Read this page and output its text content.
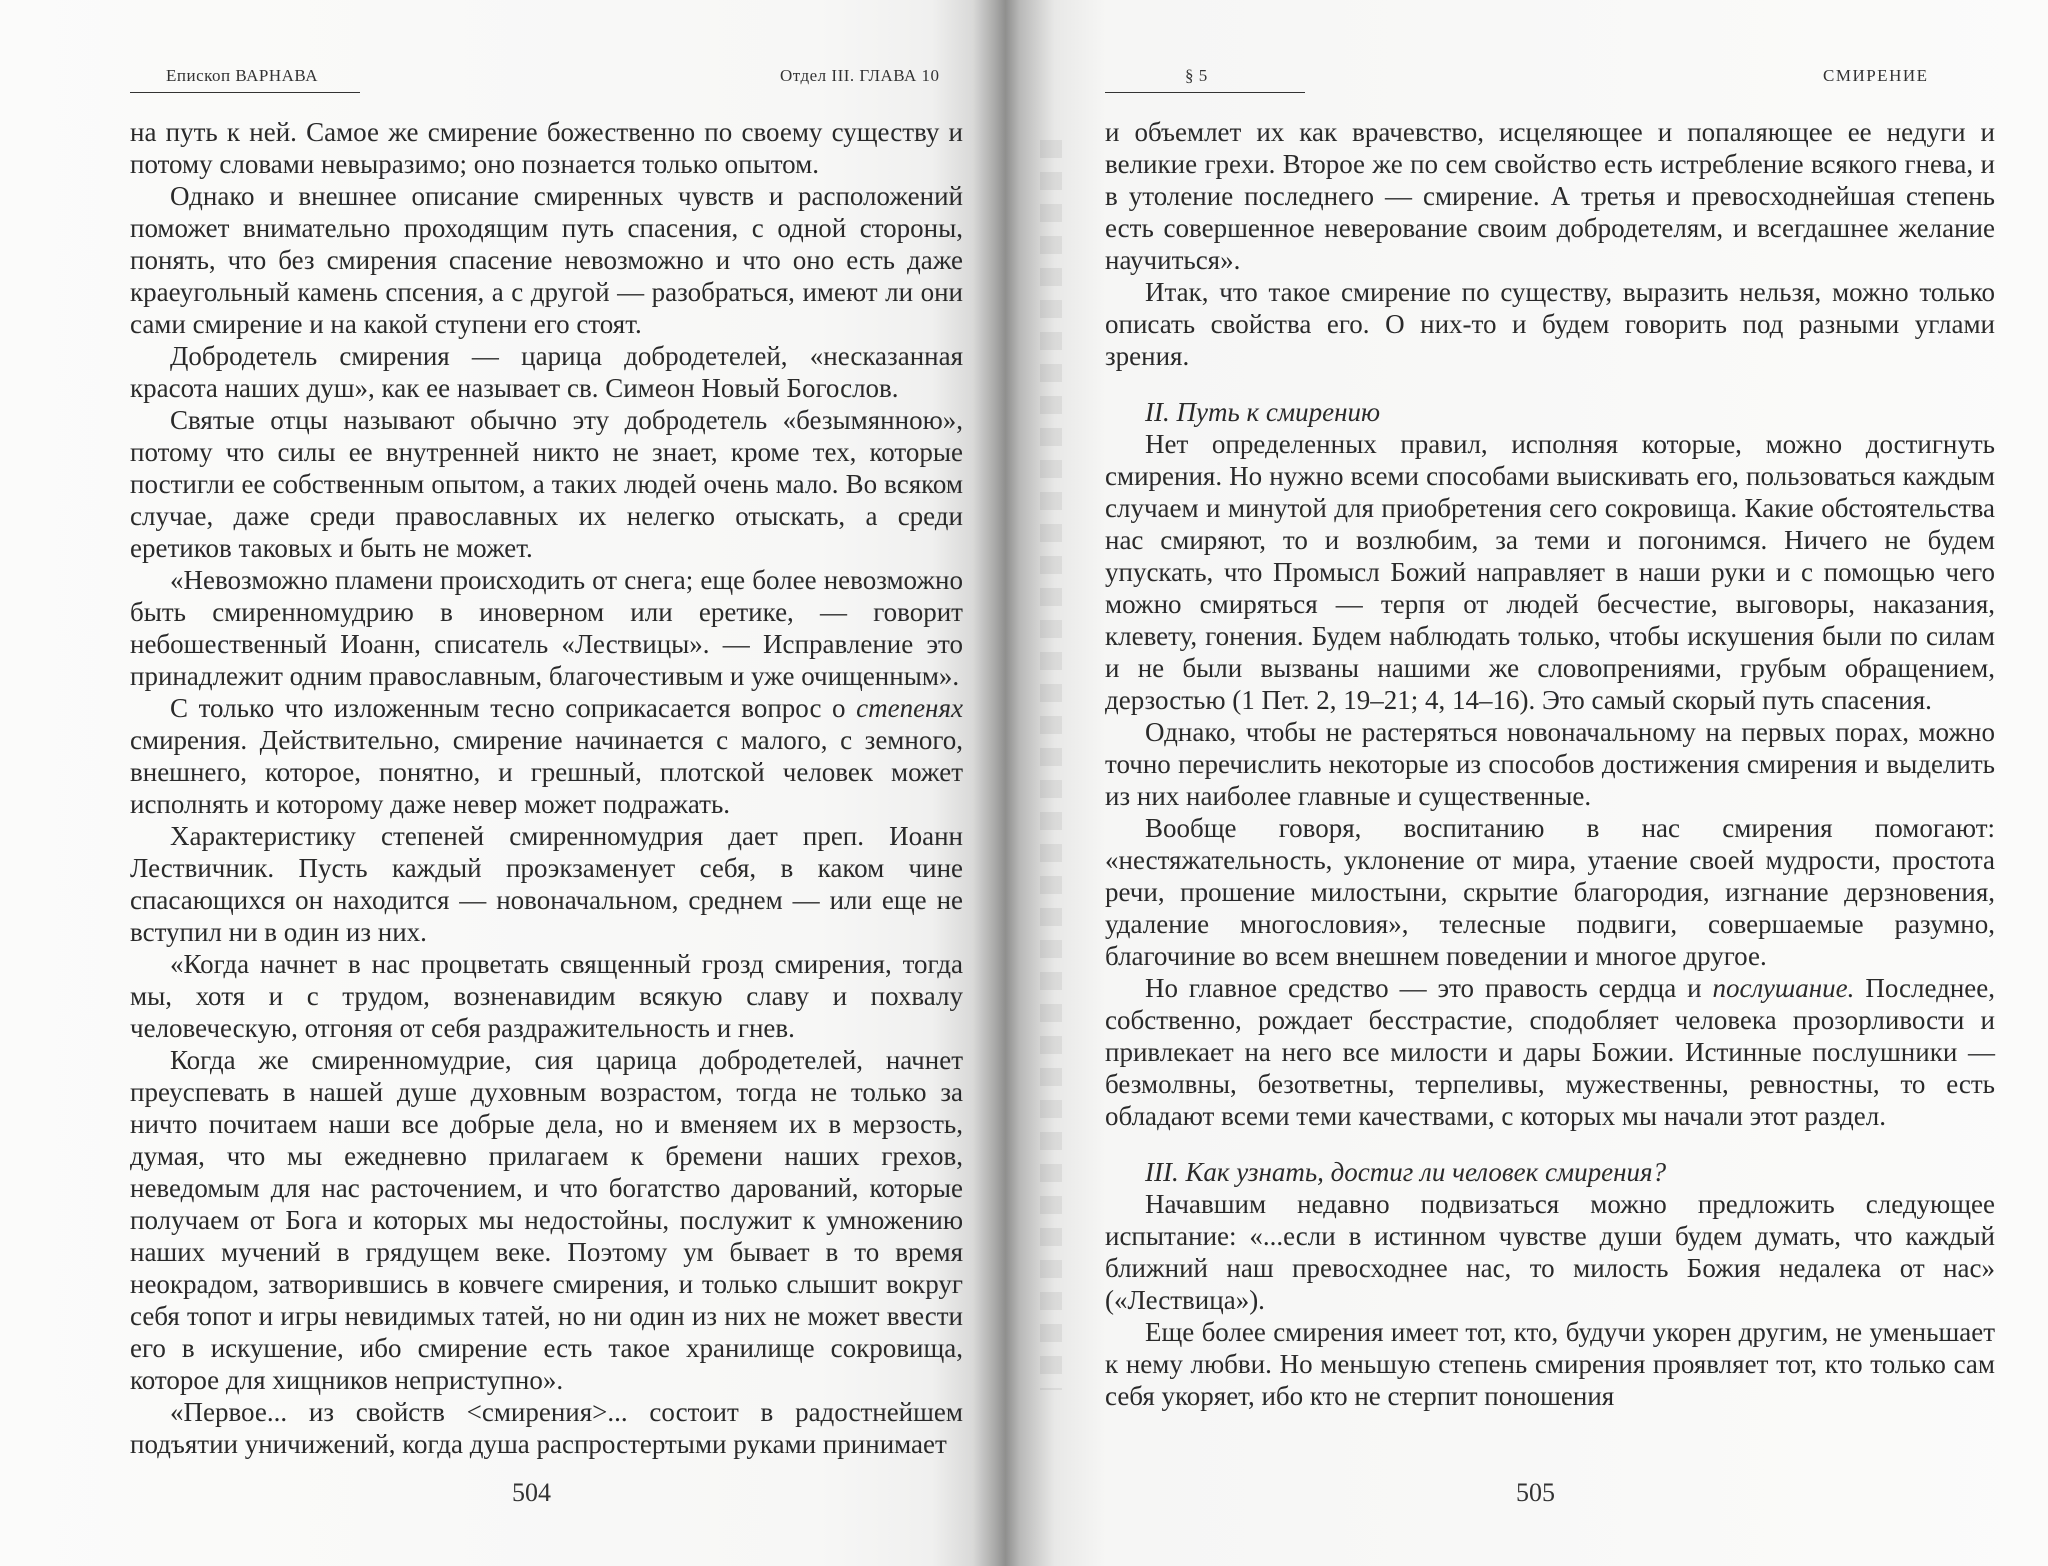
Епископ ВАРНАВА	Отдел III. ГЛАВА 10

на путь к ней. Самое же смирение божественно по своему существу и потому словами невыразимо; оно познается только опытом.

Однако и внешнее описание смиренных чувств и расположений поможет внимательно проходящим путь спасения, с одной стороны, понять, что без смирения спасение невозможно и что оно есть даже краеугольный камень спсения, а с другой — разобраться, имеют ли они сами смирение и на какой ступени его стоят.

Добродетель смирения — царица добродетелей, «несказанная красота наших душ», как ее называет св. Симеон Новый Богослов.

Святые отцы называют обычно эту добродетель «безымянною», потому что силы ее внутренней никто не знает, кроме тех, которые постигли ее собственным опытом, а таких людей очень мало. Во всяком случае, даже среди православных их нелегко отыскать, а среди еретиков таковых и быть не может.

«Невозможно пламени происходить от снега; еще более невозможно быть смиренномудрию в иноверном или еретике, — говорит небошественный Иоанн, списатель «Лествицы». — Исправление это принадлежит одним православным, благочестивым и уже очищенным».

С только что изложенным тесно соприкасается вопрос о степенях смирения. Действительно, смирение начинается с малого, с земного, внешнего, которое, понятно, и грешный, плотской человек может исполнять и которому даже невер может подражать.

Характеристику степеней смиренномудрия дает преп. Иоанн Лествичник. Пусть каждый проэкзаменует себя, в каком чине спасающихся он находится — новоначальном, среднем — или еще не вступил ни в один из них.

«Когда начнет в нас процветать священный грозд смирения, тогда мы, хотя и с трудом, возненавидим всякую славу и похвалу человеческую, отгоняя от себя раздражительность и гнев.

Когда же смиренномудрие, сия царица добродетелей, начнет преуспевать в нашей душе духовным возрастом, тогда не только за ничто почитаем наши все добрые дела, но и вменяем их в мерзость, думая, что мы ежедневно прилагаем к бремени наших грехов, неведомым для нас расточением, и что богатство дарований, которые получаем от Бога и которых мы недостойны, послужит к умножению наших мучений в грядущем веке. Поэтому ум бывает в то время неокрадом, затворившись в ковчеге смирения, и только слышит вокруг себя топот и игры невидимых татей, но ни один из них не может ввести его в искушение, ибо смирение есть такое хранилище сокровища, которое для хищников неприступно».

«Первое... из свойств <смирения>... состоит в радостнейшем подъятии уничижений, когда душа распростертыми руками принимает

504
§ 5	СМИРЕНИЕ

и объемлет их как врачевство, исцеляющее и попаляющее ее недуги и великие грехи. Второе же по сем свойство есть истребление всякого гнева, и в утоление последнего — смирение. А третья и превосходнейшая степень есть совершенное неверование своим добродетелям, и всегдашнее желание научиться».

Итак, что такое смирение по существу, выразить нельзя, можно только описать свойства его. О них-то и будем говорить под разными углами зрения.

II. Путь к смирению

Нет определенных правил, исполняя которые, можно достигнуть смирения. Но нужно всеми способами выискивать его, пользоваться каждым случаем и минутой для приобретения сего сокровища. Какие обстоятельства нас смиряют, то и возлюбим, за теми и погонимся. Ничего не будем упускать, что Промысл Божий направляет в наши руки и с помощью чего можно смиряться — терпя от людей бесчестие, выговоры, наказания, клевету, гонения. Будем наблюдать только, чтобы искушения были по силам и не были вызваны нашими же словопрениями, грубым обращением, дерзостью (1 Пет. 2, 19–21; 4, 14–16). Это самый скорый путь спасения.

Однако, чтобы не растеряться новоначальному на первых порах, можно точно перечислить некоторые из способов достижения смирения и выделить из них наиболее главные и существенные.

Вообще говоря, воспитанию в нас смирения помогают: «нестяжательность, уклонение от мира, утаение своей мудрости, простота речи, прошение милостыни, скрытие благородия, изгнание дерзновения, удаление многословия», телесные подвиги, совершаемые разумно, благочиние во всем внешнем поведении и многое другое.

Но главное средство — это правость сердца и послушание. Последнее, собственно, рождает бесстрастие, сподобляет человека прозорливости и привлекает на него все милости и дары Божии. Истинные послушники — безмолвны, безответны, терпеливы, мужественны, ревностны, то есть обладают всеми теми качествами, с которых мы начали этот раздел.

III. Как узнать, достиг ли человек смирения?

Начавшим недавно подвизаться можно предложить следующее испытание: «...если в истинном чувстве души будем думать, что каждый ближний наш превосходнее нас, то милость Божия недалека от нас» («Лествица»).

Еще более смирения имеет тот, кто, будучи укорен другим, не уменьшает к нему любви. Но меньшую степень смирения проявляет тот, кто только сам себя укоряет, ибо кто не стерпит поношения

505
